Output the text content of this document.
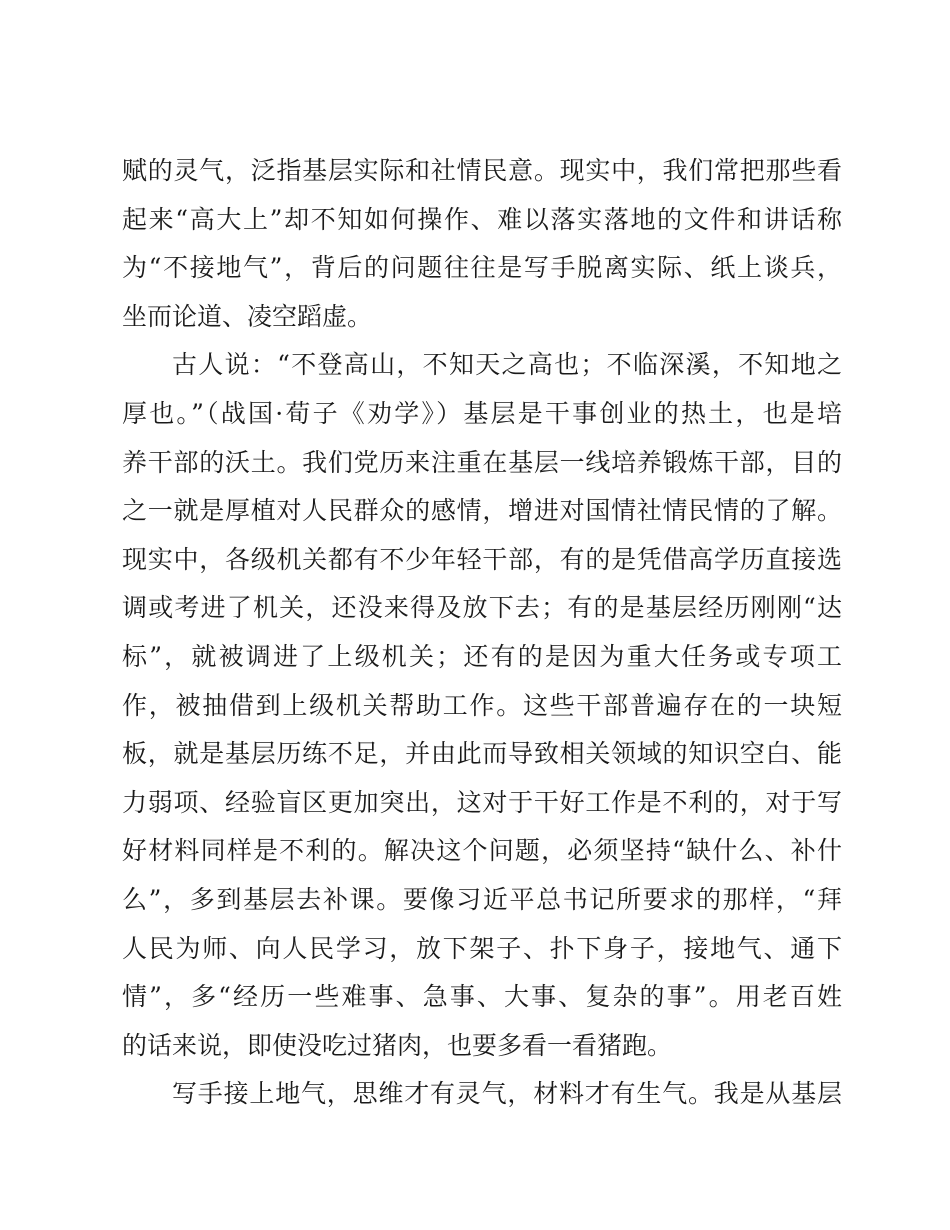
赋的灵气，泛指基层实际和社情民意。现实中，我们常把那些看
起来“高大上”却不知如何操作、难以落实落地的文件和讲话称
为“不接地气”，背后的问题往往是写手脱离实际、纸上谈兵，
坐而论道、凌空蹈虚。
古人说：“不登高山，不知天之高也；不临深溪，不知地之
厚也。”（战国·荀子《劝学》）基层是干事创业的热土，也是培
养干部的沃土。我们党历来注重在基层一线培养锻炼干部，目的
之一就是厚植对人民群众的感情，增进对国情社情民情的了解。
现实中，各级机关都有不少年轻干部，有的是凭借高学历直接选
调或考进了机关，还没来得及放下去；有的是基层经历刚刚“达
标”，就被调进了上级机关；还有的是因为重大任务或专项工
作，被抽借到上级机关帮助工作。这些干部普遍存在的一块短
板，就是基层历练不足，并由此而导致相关领域的知识空白、能
力弱项、经验盲区更加突出，这对于干好工作是不利的，对于写
好材料同样是不利的。解决这个问题，必须坚持“缺什么、补什
么”，多到基层去补课。要像习近平总书记所要求的那样，“拜
人民为师、向人民学习，放下架子、扑下身子，接地气、通下
情”，多“经历一些难事、急事、大事、复杂的事”。用老百姓
的话来说，即使没吃过猪肉，也要多看一看猪跑。
写手接上地气，思维才有灵气，材料才有生气。我是从基层
